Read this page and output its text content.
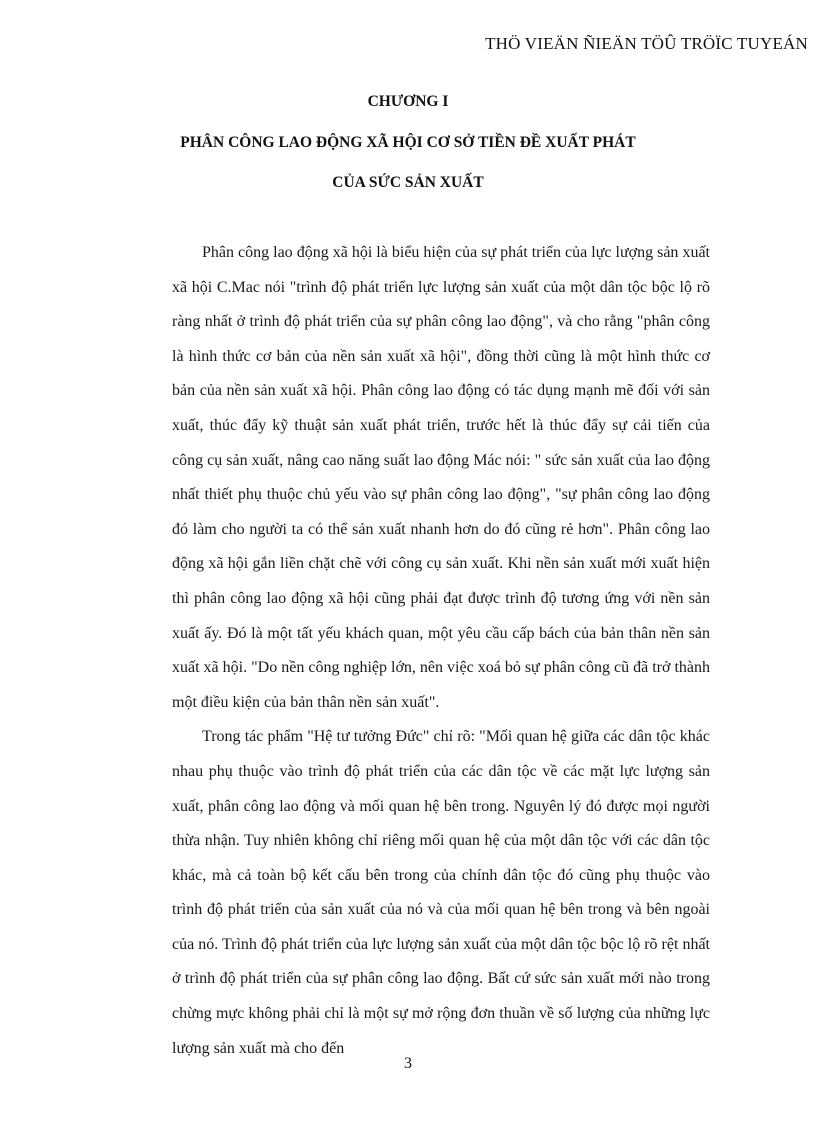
THÖ VIEÄN ÑIEÄN TÖÛ TRÖÏC TUYEÁN
CHƯƠNG I
PHÂN CÔNG LAO ĐỘNG XÃ HỘI CƠ SỞ TIỀN ĐỀ XUẤT PHÁT
CỦA SỨC SẢN XUẤT

Phân công lao động xã hội là biểu hiện của sự phát triển của lực lượng sản xuất xã hội C.Mac nói "trình độ phát triển lực lượng sản xuất của một dân tộc bộc lộ rõ ràng nhất ở trình độ phát triển của sự phân công lao động", và cho rằng "phân công là hình thức cơ bản của nền sản xuất xã hội", đồng thời cũng là một hình thức cơ bản của nền sản xuất xã hội. Phân công lao động có tác dụng mạnh mẽ đối với sản xuất, thúc đẩy kỹ thuật sản xuất phát triển, trước hết là thúc đẩy sự cải tiến của công cụ sản xuất, nâng cao năng suất lao động Mác nói: " sức sản xuất của lao động nhất thiết phụ thuộc chủ yếu vào sự phân công lao động", "sự phân công lao động đó làm cho người ta có thể sản xuất nhanh hơn do đó cũng rẻ hơn". Phân công lao động xã hội gắn liền chặt chẽ với công cụ sản xuất. Khi nền sản xuất mới xuất hiện thì phân công lao động xã hội cũng phải đạt được trình độ tương ứng với nền sản xuất ấy. Đó là một tất yếu khách quan, một yêu cầu cấp bách của bản thân nền sản xuất xã hội. "Do nền công nghiệp lớn, nên việc xoá bỏ sự phân công cũ đã trở thành một điều kiện của bản thân nền sản xuất".

Trong tác phẩm "Hệ tư tưởng Đức" chỉ rõ: "Mối quan hệ giữa các dân tộc khác nhau phụ thuộc vào trình độ phát triển của các dân tộc về các mặt lực lượng sản xuất, phân công lao động và mối quan hệ bên trong. Nguyên lý đó được mọi người thừa nhận. Tuy nhiên không chỉ riêng mối quan hệ của một dân tộc với các dân tộc khác, mà cả toàn bộ kết cấu bên trong của chính dân tộc đó cũng phụ thuộc vào trình độ phát triển của sản xuất của nó và của mối quan hệ bên trong và bên ngoài của nó. Trình độ phát triển của lực lượng sản xuất của một dân tộc bộc lộ rõ rệt nhất ở trình độ phát triển của sự phân công lao động. Bất cứ sức sản xuất mới nào trong chừng mực không phải chỉ là một sự mở rộng đơn thuần về số lượng của những lực lượng sản xuất mà cho đến

3
